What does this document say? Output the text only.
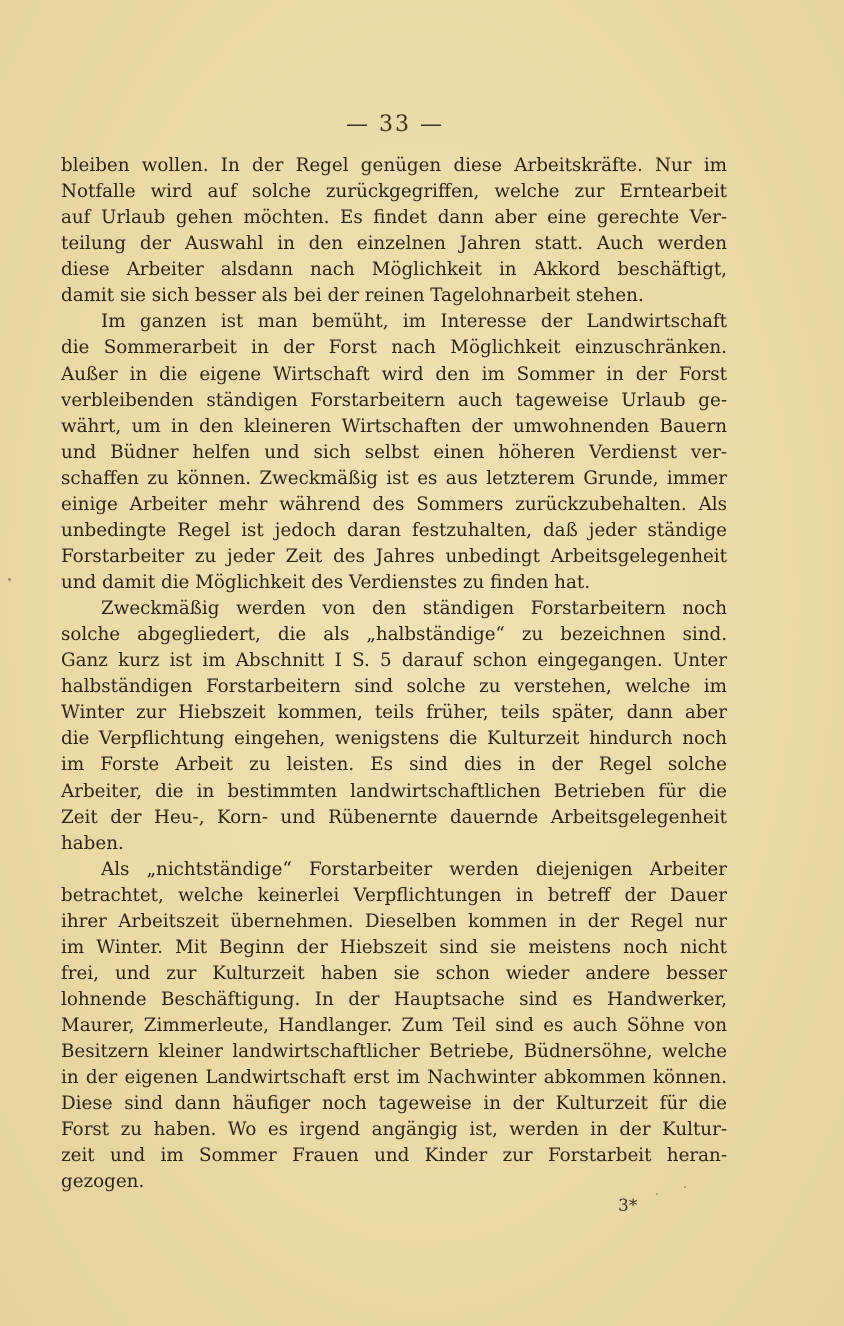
— 33 —
bleiben wollen. In der Regel genügen diese Arbeitskräfte. Nur im
Notfalle wird auf solche zurückgegriffen, welche zur Erntearbeit
auf Urlaub gehen möchten. Es findet dann aber eine gerechte Ver-
teilung der Auswahl in den einzelnen Jahren statt. Auch werden
diese Arbeiter alsdann nach Möglichkeit in Akkord beschäftigt,
damit sie sich besser als bei der reinen Tagelohnarbeit stehen.
Im ganzen ist man bemüht, im Interesse der Landwirtschaft
die Sommerarbeit in der Forst nach Möglichkeit einzuschränken.
Außer in die eigene Wirtschaft wird den im Sommer in der Forst
verbleibenden ständigen Forstarbeitern auch tageweise Urlaub ge-
währt, um in den kleineren Wirtschaften der umwohnenden Bauern
und Büdner helfen und sich selbst einen höheren Verdienst ver-
schaffen zu können. Zweckmäßig ist es aus letzterem Grunde, immer
einige Arbeiter mehr während des Sommers zurückzubehalten. Als
unbedingte Regel ist jedoch daran festzuhalten, daß jeder ständige
Forstarbeiter zu jeder Zeit des Jahres unbedingt Arbeitsgelegenheit
und damit die Möglichkeit des Verdienstes zu finden hat.
Zweckmäßig werden von den ständigen Forstarbeitern noch
solche abgegliedert, die als „halbständige“ zu bezeichnen sind.
Ganz kurz ist im Abschnitt I S. 5 darauf schon eingegangen. Unter
halbständigen Forstarbeitern sind solche zu verstehen, welche im
Winter zur Hiebszeit kommen, teils früher, teils später, dann aber
die Verpflichtung eingehen, wenigstens die Kulturzeit hindurch noch
im Forste Arbeit zu leisten. Es sind dies in der Regel solche
Arbeiter, die in bestimmten landwirtschaftlichen Betrieben für die
Zeit der Heu-, Korn- und Rübenernte dauernde Arbeitsgelegenheit
haben.
Als „nichtständige“ Forstarbeiter werden diejenigen Arbeiter
betrachtet, welche keinerlei Verpflichtungen in betreff der Dauer
ihrer Arbeitszeit übernehmen. Dieselben kommen in der Regel nur
im Winter. Mit Beginn der Hiebszeit sind sie meistens noch nicht
frei, und zur Kulturzeit haben sie schon wieder andere besser
lohnende Beschäftigung. In der Hauptsache sind es Handwerker,
Maurer, Zimmerleute, Handlanger. Zum Teil sind es auch Söhne von
Besitzern kleiner landwirtschaftlicher Betriebe, Büdnersöhne, welche
in der eigenen Landwirtschaft erst im Nachwinter abkommen können.
Diese sind dann häufiger noch tageweise in der Kulturzeit für die
Forst zu haben. Wo es irgend angängig ist, werden in der Kultur-
zeit und im Sommer Frauen und Kinder zur Forstarbeit heran-
gezogen.
3*
